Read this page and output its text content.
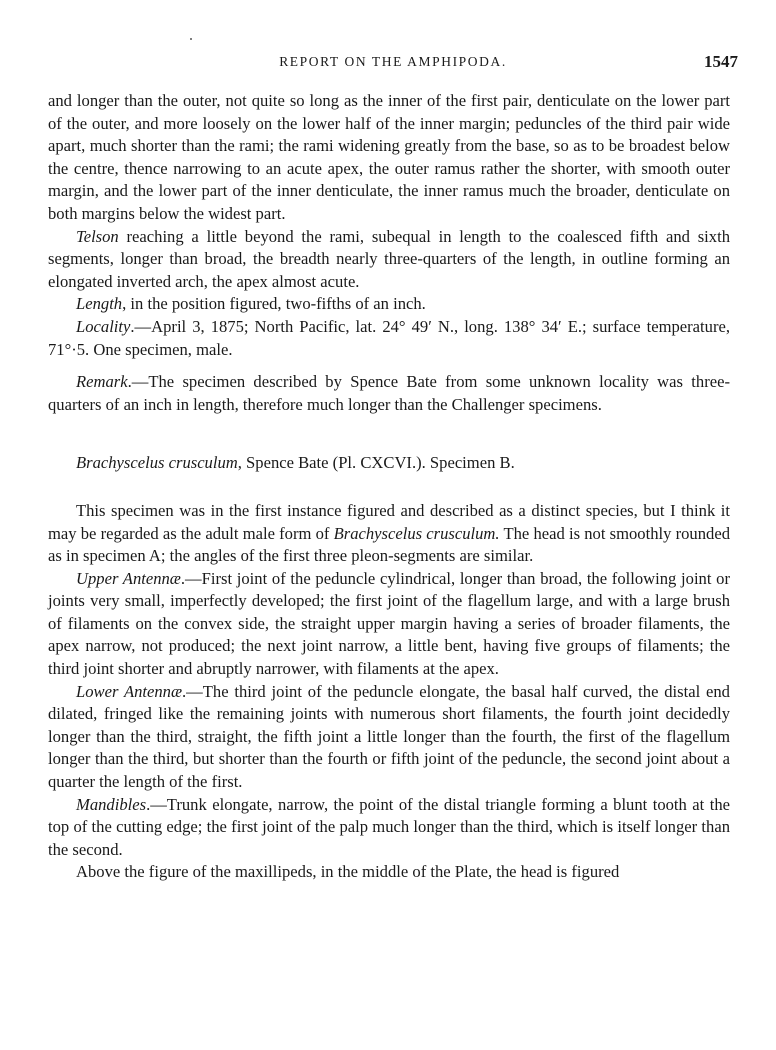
REPORT ON THE AMPHIPODA.	1547

and longer than the outer, not quite so long as the inner of the first pair, denticulate on the lower part of the outer, and more loosely on the lower half of the inner margin; peduncles of the third pair wide apart, much shorter than the rami; the rami widening greatly from the base, so as to be broadest below the centre, thence narrowing to an acute apex, the outer ramus rather the shorter, with smooth outer margin, and the lower part of the inner denticulate, the inner ramus much the broader, denticulate on both margins below the widest part.

Telson reaching a little beyond the rami, subequal in length to the coalesced fifth and sixth segments, longer than broad, the breadth nearly three-quarters of the length, in outline forming an elongated inverted arch, the apex almost acute.

Length, in the position figured, two-fifths of an inch.

Locality.—April 3, 1875; North Pacific, lat. 24° 49′ N., long. 138° 34′ E.; surface temperature, 71°·5. One specimen, male.

Remark.—The specimen described by Spence Bate from some unknown locality was three-quarters of an inch in length, therefore much longer than the Challenger specimens.

Brachyscelus crusculum, Spence Bate (Pl. CXCVI.). Specimen B.

This specimen was in the first instance figured and described as a distinct species, but I think it may be regarded as the adult male form of Brachyscelus crusculum. The head is not smoothly rounded as in specimen A; the angles of the first three pleon-segments are similar.

Upper Antennæ.—First joint of the peduncle cylindrical, longer than broad, the following joint or joints very small, imperfectly developed; the first joint of the flagellum large, and with a large brush of filaments on the convex side, the straight upper margin having a series of broader filaments, the apex narrow, not produced; the next joint narrow, a little bent, having five groups of filaments; the third joint shorter and abruptly narrower, with filaments at the apex.

Lower Antennæ.—The third joint of the peduncle elongate, the basal half curved, the distal end dilated, fringed like the remaining joints with numerous short filaments, the fourth joint decidedly longer than the third, straight, the fifth joint a little longer than the fourth, the first of the flagellum longer than the third, but shorter than the fourth or fifth joint of the peduncle, the second joint about a quarter the length of the first.

Mandibles.—Trunk elongate, narrow, the point of the distal triangle forming a blunt tooth at the top of the cutting edge; the first joint of the palp much longer than the third, which is itself longer than the second.

Above the figure of the maxillipeds, in the middle of the Plate, the head is figured
